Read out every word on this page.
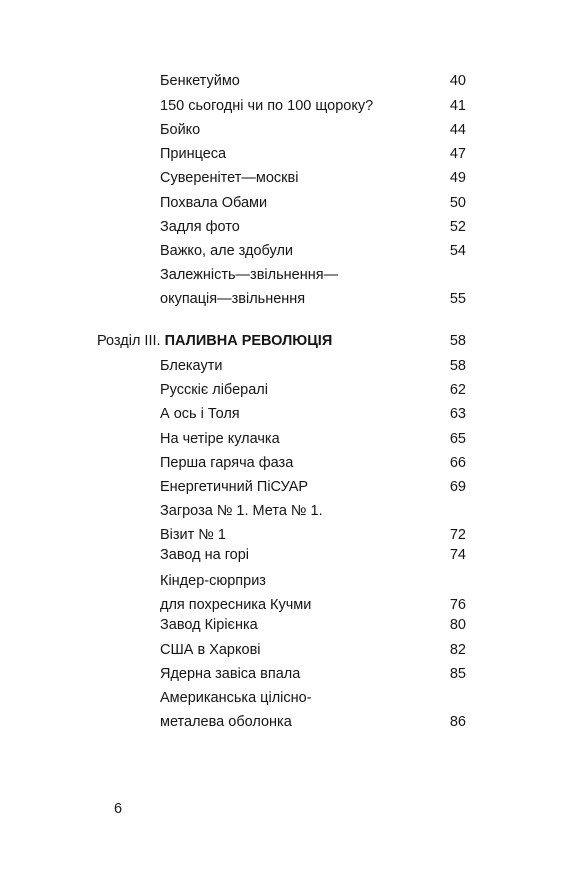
Бенкетуймо	40
150 сьогодні чи по 100 щороку?	41
Бойко	44
Принцеса	47
Суверенітет—москві	49
Похвала Обами	50
Задля фото	52
Важко, але здобули	54
Залежність—звільнення—
окупація—звільнення	55
Розділ III. ПАЛИВНА РЕВОЛЮЦІЯ	58
Блекаути	58
Русскіє лібералі	62
А ось і Толя	63
На четіре кулачка	65
Перша гаряча фаза	66
Енергетичний ПіСУАР	69
Загроза № 1. Мета № 1.
Візит № 1	72
Завод на горі	74
Кіндер-сюрприз
для похресника Кучми	76
Завод Кірієнка	80
США в Харкові	82
Ядерна завіса впала	85
Американська цілісно-
металева оболонка	86
6
